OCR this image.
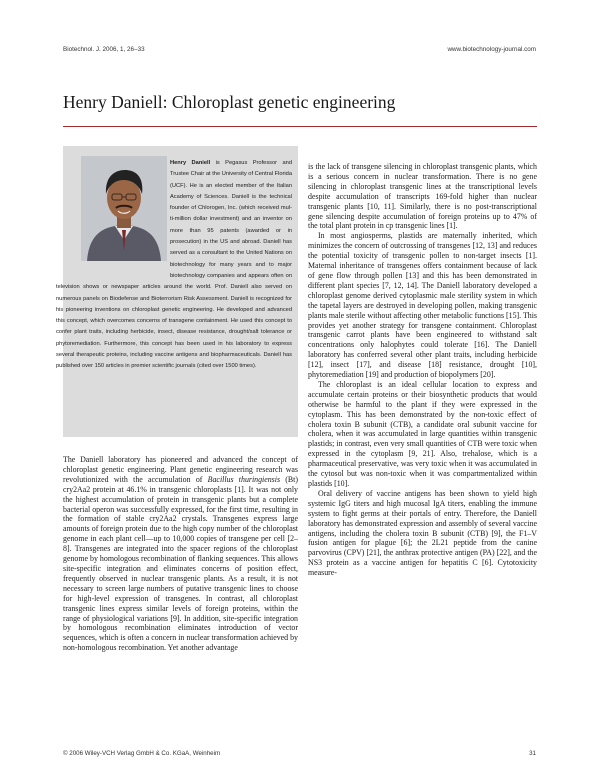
Biotechnol. J. 2006, 1, 26–33	www.biotechnology-journal.com
Henry Daniell: Chloroplast genetic engineering

Henry Daniell is Pegasus Professor and Trustee Chair at the University of Central Florida (UCF). He is an elected member of the Italian Academy of Sciences. Daniell is the technical founder of Chlorogen, Inc. (which received mul-ti-million dollar investment) and an inventor on more than 95 patents (awarded or in prosecution) in the US and abroad. Daniell has served as a consultant to the United Nations on biotechnology for many years and to major biotechnology companies and appears often on television shows or newspaper articles around the world. Prof. Daniell also served on numerous panels on Biodefense and Bioterrorism Risk Assessment. Daniell is recognized for his pioneering inventions on chloroplast genetic engineering. He developed and advanced this concept, which overcomes concerns of transgene containment. He used this concept to confer plant traits, including herbicide, insect, disease resistance, drought/salt tolerance or phytoremediation. Furthermore, this concept has been used in his laboratory to express several therapeutic proteins, including vaccine antigens and biopharmaceuticals. Daniell has published over 150 articles in premier scientific journals (cited over 1500 times).

The Daniell laboratory has pioneered and advanced the concept of chloroplast genetic engineering. Plant genetic engineering research was revolutionized with the accumulation of Bacillus thuringiensis (Bt) cry2Aa2 protein at 46.1% in transgenic chloroplasts [1]. It was not only the highest accumulation of protein in transgenic plants but a complete bacterial operon was successfully expressed, for the first time, resulting in the formation of stable cry2Aa2 crystals. Transgenes express large amounts of foreign protein due to the high copy number of the chloroplast genome in each plant cell—up to 10,000 copies of transgene per cell [2–8]. Transgenes are integrated into the spacer regions of the chloroplast genome by homologous recombination of flanking sequences. This allows site-specific integration and eliminates concerns of position effect, frequently observed in nuclear transgenic plants. As a result, it is not necessary to screen large numbers of putative transgenic lines to choose for high-level expression of transgenes. In contrast, all chloroplast transgenic lines express similar levels of foreign proteins, within the range of physiological variations [9]. In addition, site-specific integration by homologous recombination eliminates introduction of vector sequences, which is often a concern in nuclear transformation achieved by non-homologous recombination. Yet another advantage

is the lack of transgene silencing in chloroplast transgenic plants, which is a serious concern in nuclear transformation. There is no gene silencing in chloroplast transgenic lines at the transcriptional levels despite accumulation of transcripts 169-fold higher than nuclear transgenic plants [10, 11]. Similarly, there is no post-transcriptional gene silencing despite accumulation of foreign proteins up to 47% of the total plant protein in cp transgenic lines [1].

In most angiosperms, plastids are maternally inherited, which minimizes the concern of outcrossing of transgenes [12, 13] and reduces the potential toxicity of transgenic pollen to non-target insects [1]. Maternal inheritance of transgenes offers containment because of lack of gene flow through pollen [13] and this has been demonstrated in different plant species [7, 12, 14]. The Daniell laboratory developed a chloroplast genome derived cytoplasmic male sterility system in which the tapetal layers are destroyed in developing pollen, making transgenic plants male sterile without affecting other metabolic functions [15]. This provides yet another strategy for transgene containment. Chloroplast transgenic carrot plants have been engineered to withstand salt concentrations only halophytes could tolerate [16]. The Daniell laboratory has conferred several other plant traits, including herbicide [12], insect [17], and disease [18] resistance, drought [10], phytoremediation [19] and production of biopolymers [20].

The chloroplast is an ideal cellular location to express and accumulate certain proteins or their biosynthetic products that would otherwise be harmful to the plant if they were expressed in the cytoplasm. This has been demonstrated by the non-toxic effect of cholera toxin B subunit (CTB), a candidate oral subunit vaccine for cholera, when it was accumulated in large quantities within transgenic plastids; in contrast, even very small quantities of CTB were toxic when expressed in the cytoplasm [9, 21]. Also, trehalose, which is a pharmaceutical preservative, was very toxic when it was accumulated in the cytosol but was non-toxic when it was compartmentalized within plastids [10].

Oral delivery of vaccine antigens has been shown to yield high systemic IgG titers and high mucosal IgA titers, enabling the immune system to fight germs at their portals of entry. Therefore, the Daniell laboratory has demonstrated expression and assembly of several vaccine antigens, including the cholera toxin B subunit (CTB) [9], the F1–V fusion antigen for plague [6]; the 2L21 peptide from the canine parvovirus (CPV) [21], the anthrax protective antigen (PA) [22], and the NS3 protein as a vaccine antigen for hepatitis C [6]. Cytotoxicity measure-

© 2006 Wiley-VCH Verlag GmbH & Co. KGaA, Weinheim	31
